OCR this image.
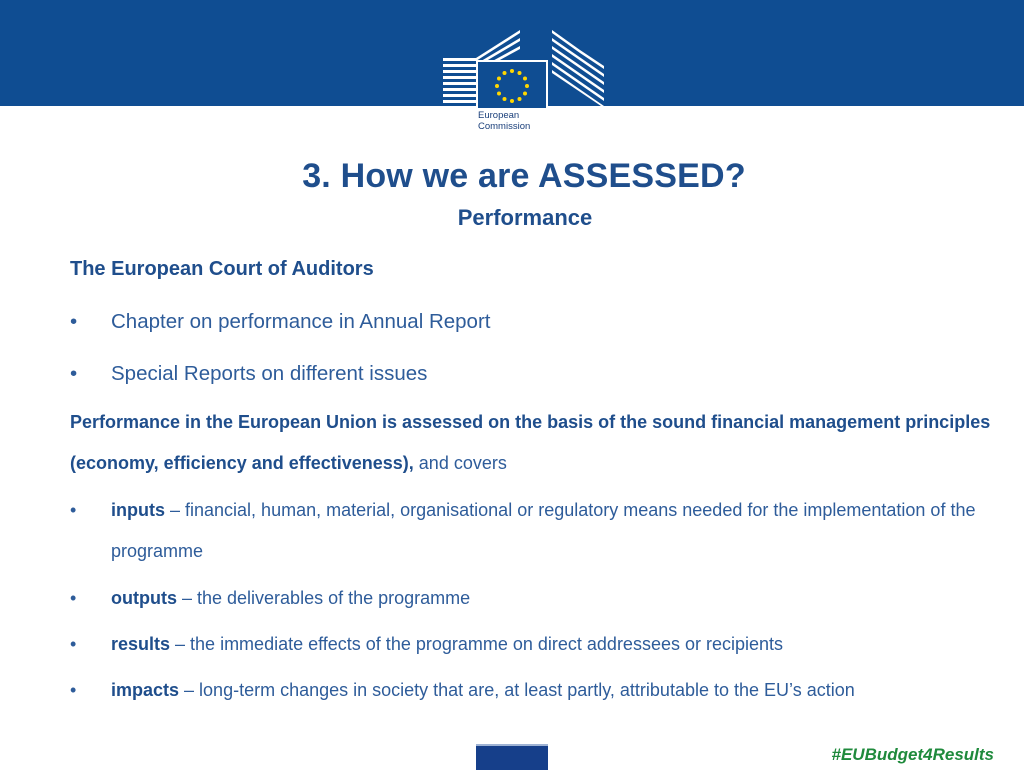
European
Commission
3. How we are ASSESSED?
Performance
The European Court of Auditors
• Chapter on performance in Annual Report
• Special Reports on different issues
Performance in the European Union is assessed on the basis of the sound financial management principles (economy, efficiency and effectiveness), and covers
• inputs – financial, human, material, organisational or regulatory means needed for the implementation of the programme
• outputs – the deliverables of the programme
• results – the immediate effects of the programme on direct addressees or recipients
• impacts – long-term changes in society that are, at least partly, attributable to the EU’s action
#EUBudget4Results
